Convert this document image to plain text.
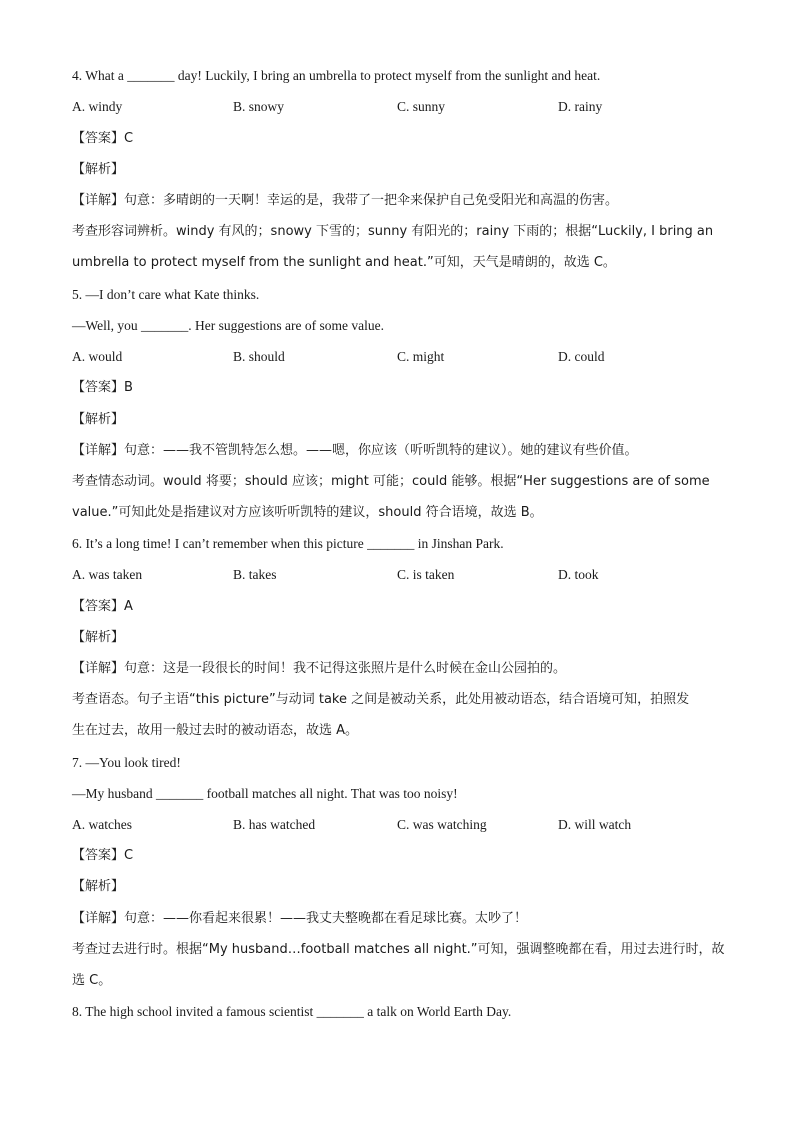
4. What a _______ day! Luckily, I bring an umbrella to protect myself from the sunlight and heat.
A. windy	B. snowy	C. sunny	D. rainy
【答案】C
【解析】
【详解】句意：多晴朗的一天啊！幸运的是，我带了一把伞来保护自己免受阳光和高温的伤害。
考查形容词辨析。windy 有风的；snowy 下雪的；sunny 有阳光的；rainy 下雨的；根据“Luckily, I bring an
umbrella to protect myself from the sunlight and heat.”可知，天气是晴朗的，故选 C。
5. —I don’t care what Kate thinks.
—Well, you _______. Her suggestions are of some value.
A. would	B. should	C. might	D. could
【答案】B
【解析】
【详解】句意：——我不管凯特怎么想。——嗯，你应该（听听凯特的建议）。她的建议有些价值。
考查情态动词。would 将要；should 应该；might 可能；could 能够。根据“Her suggestions are of some
value.”可知此处是指建议对方应该听听凯特的建议，should 符合语境，故选 B。
6. It’s a long time! I can’t remember when this picture _______ in Jinshan Park.
A. was taken	B. takes	C. is taken	D. took
【答案】A
【解析】
【详解】句意：这是一段很长的时间！我不记得这张照片是什么时候在金山公园拍的。
考查语态。句子主语“this picture”与动词 take 之间是被动关系，此处用被动语态，结合语境可知，拍照发
生在过去，故用一般过去时的被动语态，故选 A。
7. —You look tired!
—My husband _______ football matches all night. That was too noisy!
A. watches	B. has watched	C. was watching	D. will watch
【答案】C
【解析】
【详解】句意：——你看起来很累！——我丈夫整晚都在看足球比赛。太吵了！
考查过去进行时。根据“My husband…football matches all night.”可知，强调整晚都在看，用过去进行时，故
选 C。
8. The high school invited a famous scientist _______ a talk on World Earth Day.
